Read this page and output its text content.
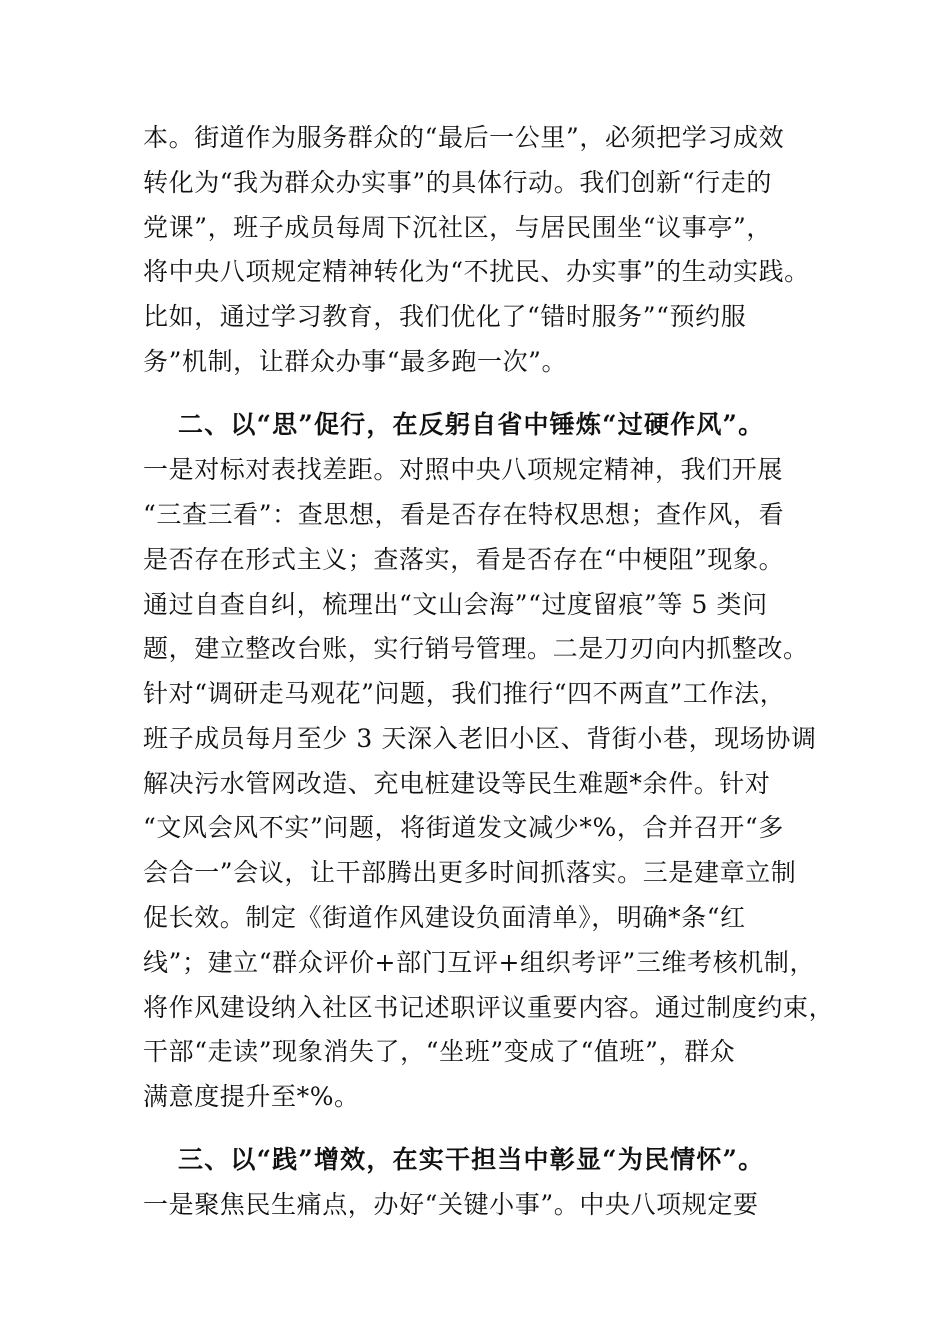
本。街道作为服务群众的“最后一公里”，必须把学习成效
转化为“我为群众办实事”的具体行动。我们创新“行走的
党课”，班子成员每周下沉社区，与居民围坐“议事亭”，
将中央八项规定精神转化为“不扰民、办实事”的生动实践。
比如，通过学习教育，我们优化了“错时服务”“预约服
务”机制，让群众办事“最多跑一次”。
二、以“思”促行，在反躬自省中锤炼“过硬作风”。
一是对标对表找差距。对照中央八项规定精神，我们开展
“三查三看”：查思想，看是否存在特权思想；查作风，看
是否存在形式主义；查落实，看是否存在“中梗阻”现象。
通过自查自纠，梳理出“文山会海”“过度留痕”等 5 类问
题，建立整改台账，实行销号管理。二是刀刃向内抓整改。
针对“调研走马观花”问题，我们推行“四不两直”工作法，
班子成员每月至少 3 天深入老旧小区、背街小巷，现场协调
解决污水管网改造、充电桩建设等民生难题*余件。针对
“文风会风不实”问题，将街道发文减少*%，合并召开“多
会合一”会议，让干部腾出更多时间抓落实。三是建章立制
促长效。制定《街道作风建设负面清单》，明确*条“红
线”；建立“群众评价+部门互评+组织考评”三维考核机制，
将作风建设纳入社区书记述职评议重要内容。通过制度约束，
干部“走读”现象消失了，“坐班”变成了“值班”，群众
满意度提升至*%。
三、以“践”增效，在实干担当中彰显“为民情怀”。
一是聚焦民生痛点，办好“关键小事”。中央八项规定要
